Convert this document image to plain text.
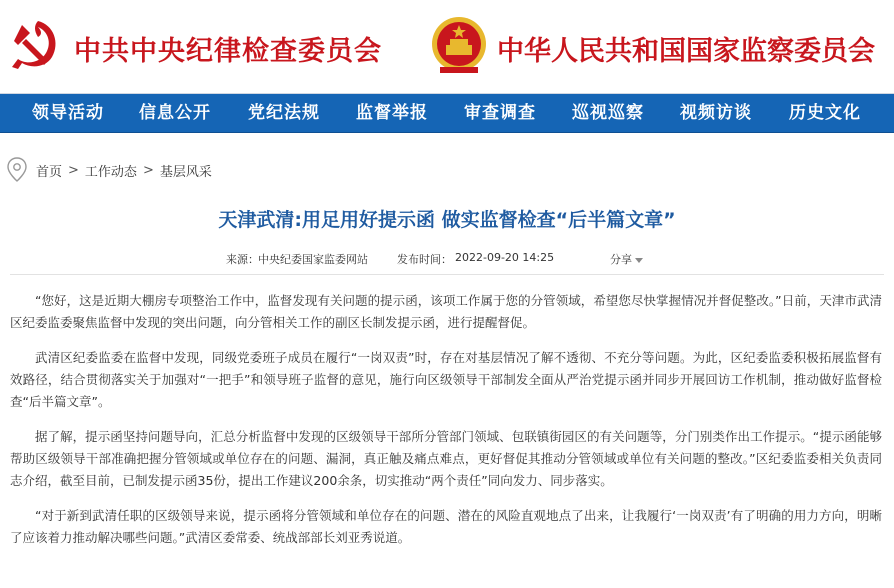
中共中央纪律检查委员会	中华人民共和国国家监察委员会
领导活动 信息公开 党纪法规 监督举报 审查调查 巡视巡察 视频访谈 历史文化
首页 > 工作动态 > 基层风采
天津武清:用足用好提示函 做实监督检查“后半篇文章”
来源： 中央纪委国家监委网站	发布时间： 2022-09-20 14:25	分享

“您好，这是近期大棚房专项整治工作中，监督发现有关问题的提示函，该项工作属于您的分管领域，希望您尽快掌握情况并督促整改。”日前，天津市武清区纪委监委聚焦监督中发现的突出问题，向分管相关工作的副区长制发提示函，进行提醒督促。

武清区纪委监委在监督中发现，同级党委班子成员在履行“一岗双责”时，存在对基层情况了解不透彻、不充分等问题。为此，区纪委监委积极拓展监督有效路径，结合贯彻落实关于加强对“一把手”和领导班子监督的意见，施行向区级领导干部制发全面从严治党提示函并同步开展回访工作机制，推动做好监督检查“后半篇文章”。

据了解，提示函坚持问题导向，汇总分析监督中发现的区级领导干部所分管部门领域、包联镇街园区的有关问题等，分门别类作出工作提示。“提示函能够帮助区级领导干部准确把握分管领域或单位存在的问题、漏洞，真正触及痛点难点，更好督促其推动分管领域或单位有关问题的整改。”区纪委监委相关负责同志介绍，截至目前，已制发提示函35份，提出工作建议200余条，切实推动“两个责任”同向发力、同步落实。

“对于新到武清任职的区级领导来说，提示函将分管领域和单位存在的问题、潜在的风险直观地点了出来，让我履行‘一岗双责’有了明确的用力方向，明晰了应该着力推动解决哪些问题。”武清区委常委、统战部部长刘亚秀说道。
